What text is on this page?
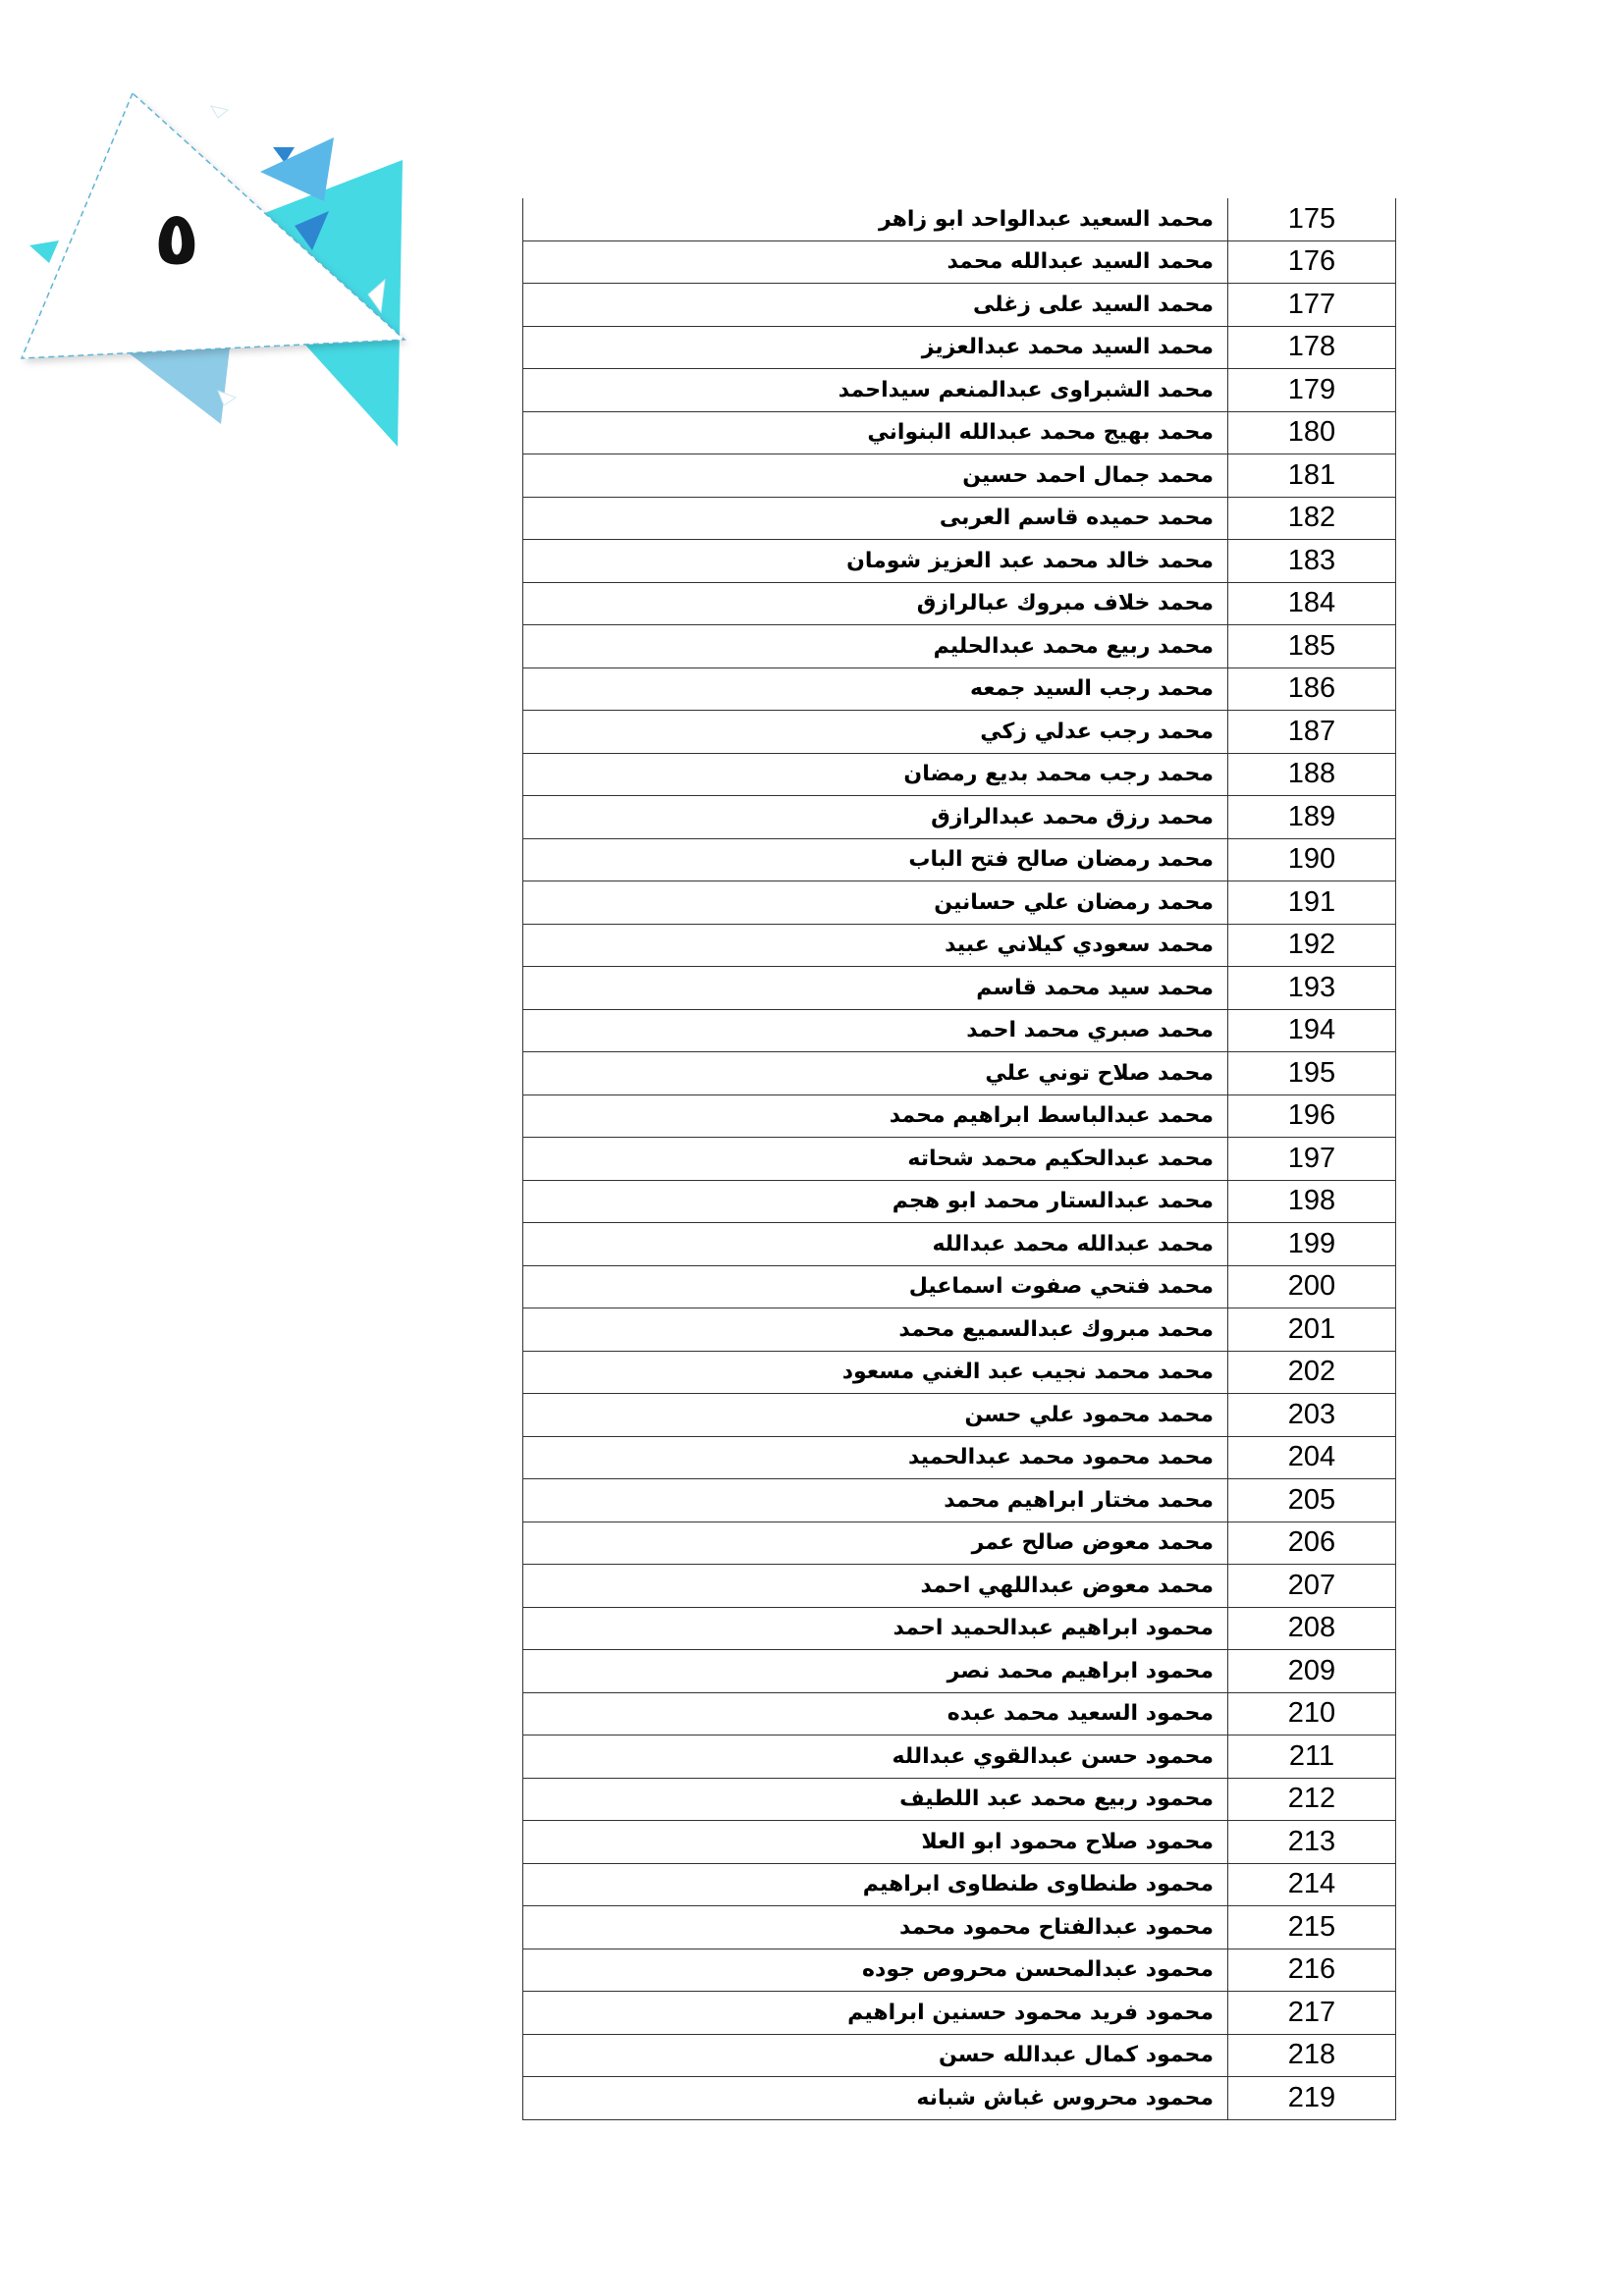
٥	175	محمد السعيد عبدالواحد ابو زاهر
176	محمد السيد عبدالله محمد
177	محمد السيد على زغلى
178	محمد السيد محمد عبدالعزيز
179	محمد الشبراوى عبدالمنعم سيداحمد
180	محمد بهيج محمد عبدالله البنواني
181	محمد جمال احمد حسين
182	محمد حميده قاسم العربى
183	محمد خالد محمد عبد العزيز شومان
184	محمد خلاف مبروك عبالرازق
185	محمد ربيع محمد عبدالحليم
186	محمد رجب السيد جمعه
187	محمد رجب عدلي زكي
188	محمد رجب محمد بديع رمضان
189	محمد رزق محمد عبدالرازق
190	محمد رمضان صالح فتح الباب
191	محمد رمضان علي حسانين
192	محمد سعودي كيلاني عبيد
193	محمد سيد محمد قاسم
194	محمد صبري محمد احمد
195	محمد صلاح توني علي
196	محمد عبدالباسط ابراهيم محمد
197	محمد عبدالحكيم محمد شحاته
198	محمد عبدالستار محمد ابو هجم
199	محمد عبدالله محمد عبدالله
200	محمد فتحي صفوت اسماعيل
201	محمد مبروك عبدالسميع محمد
202	محمد محمد نجيب عبد الغني مسعود
203	محمد محمود علي حسن
204	محمد محمود محمد عبدالحميد
205	محمد مختار ابراهيم محمد
206	محمد معوض صالح عمر
207	محمد معوض عبداللهي احمد
208	محمود ابراهيم عبدالحميد احمد
209	محمود ابراهيم محمد نصر
210	محمود السعيد محمد عبده
211	محمود حسن عبدالقوي عبدالله
212	محمود ربيع محمد عبد اللطيف
213	محمود صلاح محمود ابو العلا
214	محمود طنطاوى طنطاوى ابراهيم
215	محمود عبدالفتاح محمود محمد
216	محمود عبدالمحسن محروص جوده
217	محمود فريد محمود حسنين ابراهيم
218	محمود كمال عبدالله حسن
219	محمود محروس غباش شبانه
